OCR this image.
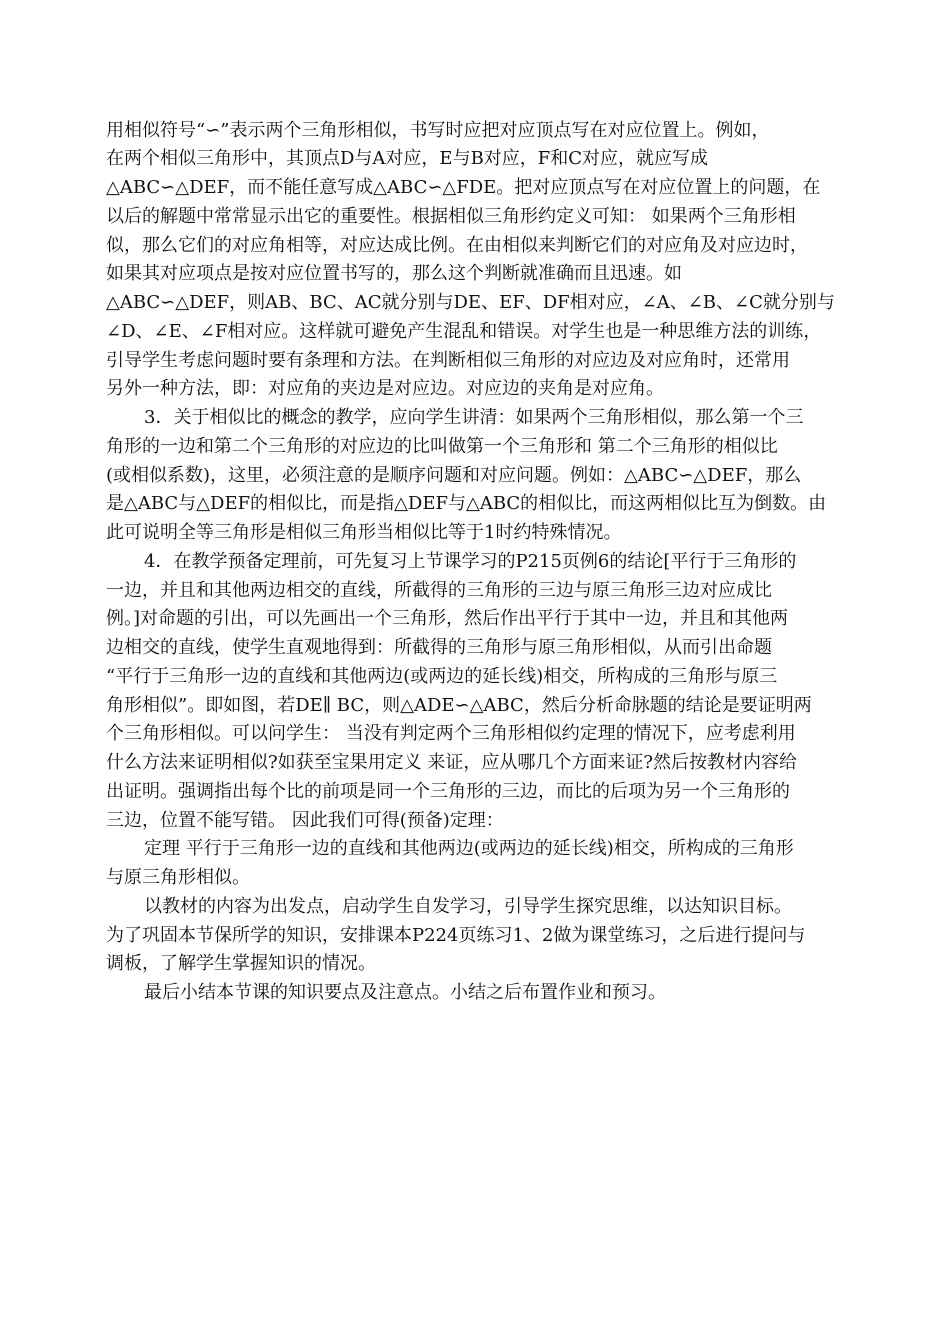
用相似符号“∽”表示两个三角形相似，书写时应把对应顶点写在对应位置上。例如，
在两个相似三角形中，其顶点D与A对应，E与B对应，F和C对应，就应写成
△ABC∽△DEF，而不能任意写成△ABC∽△FDE。把对应顶点写在对应位置上的问题，在
以后的解题中常常显示出它的重要性。根据相似三角形约定义可知： 如果两个三角形相
似，那么它们的对应角相等，对应达成比例。在由相似来判断它们的对应角及对应边时，
如果其对应项点是按对应位置书写的，那么这个判断就准确而且迅速。如
△ABC∽△DEF，则AB、BC、AC就分别与DE、EF、DF相对应，∠A、∠B、∠C就分别与
∠D、∠E、∠F相对应。这样就可避免产生混乱和错误。对学生也是一种思维方法的训练，
引导学生考虑问题时要有条理和方法。在判断相似三角形的对应边及对应角时，还常用
另外一种方法，即：对应角的夹边是对应边。对应边的夹角是对应角。
3．关于相似比的概念的教学，应向学生讲清：如果两个三角形相似，那么第一个三
角形的一边和第二个三角形的对应边的比叫做第一个三角形和 第二个三角形的相似比
(或相似系数)，这里，必须注意的是顺序问题和对应问题。例如：△ABC∽△DEF，那么
是△ABC与△DEF的相似比，而是指△DEF与△ABC的相似比，而这两相似比互为倒数。由
此可说明全等三角形是相似三角形当相似比等于1时约特殊情况。
4．在教学预备定理前，可先复习上节课学习的P215页例6的结论[平行于三角形的
一边，并且和其他两边相交的直线，所截得的三角形的三边与原三角形三边对应成比
例。]对命题的引出，可以先画出一个三角形，然后作出平行于其中一边，并且和其他两
边相交的直线，使学生直观地得到：所截得的三角形与原三角形相似，从而引出命题
“平行于三角形一边的直线和其他两边(或两边的延长线)相交，所构成的三角形与原三
角形相似”。即如图，若DE∥ BC，则△ADE∽△ABC，然后分析命脉题的结论是要证明两
个三角形相似。可以问学生： 当没有判定两个三角形相似约定理的情况下，应考虑利用
什么方法来证明相似?如获至宝果用定义 来证，应从哪几个方面来证?然后按教材内容给
出证明。强调指出每个比的前项是同一个三角形的三边，而比的后项为另一个三角形的
三边，位置不能写错。 因此我们可得(预备)定理：
定理 平行于三角形一边的直线和其他两边(或两边的延长线)相交，所构成的三角形
与原三角形相似。
以教材的内容为出发点，启动学生自发学习，引导学生探究思维，以达知识目标。
为了巩固本节保所学的知识，安排课本P224页练习1、2做为课堂练习，之后进行提问与
调板，了解学生掌握知识的情况。
最后小结本节课的知识要点及注意点。小结之后布置作业和预习。
